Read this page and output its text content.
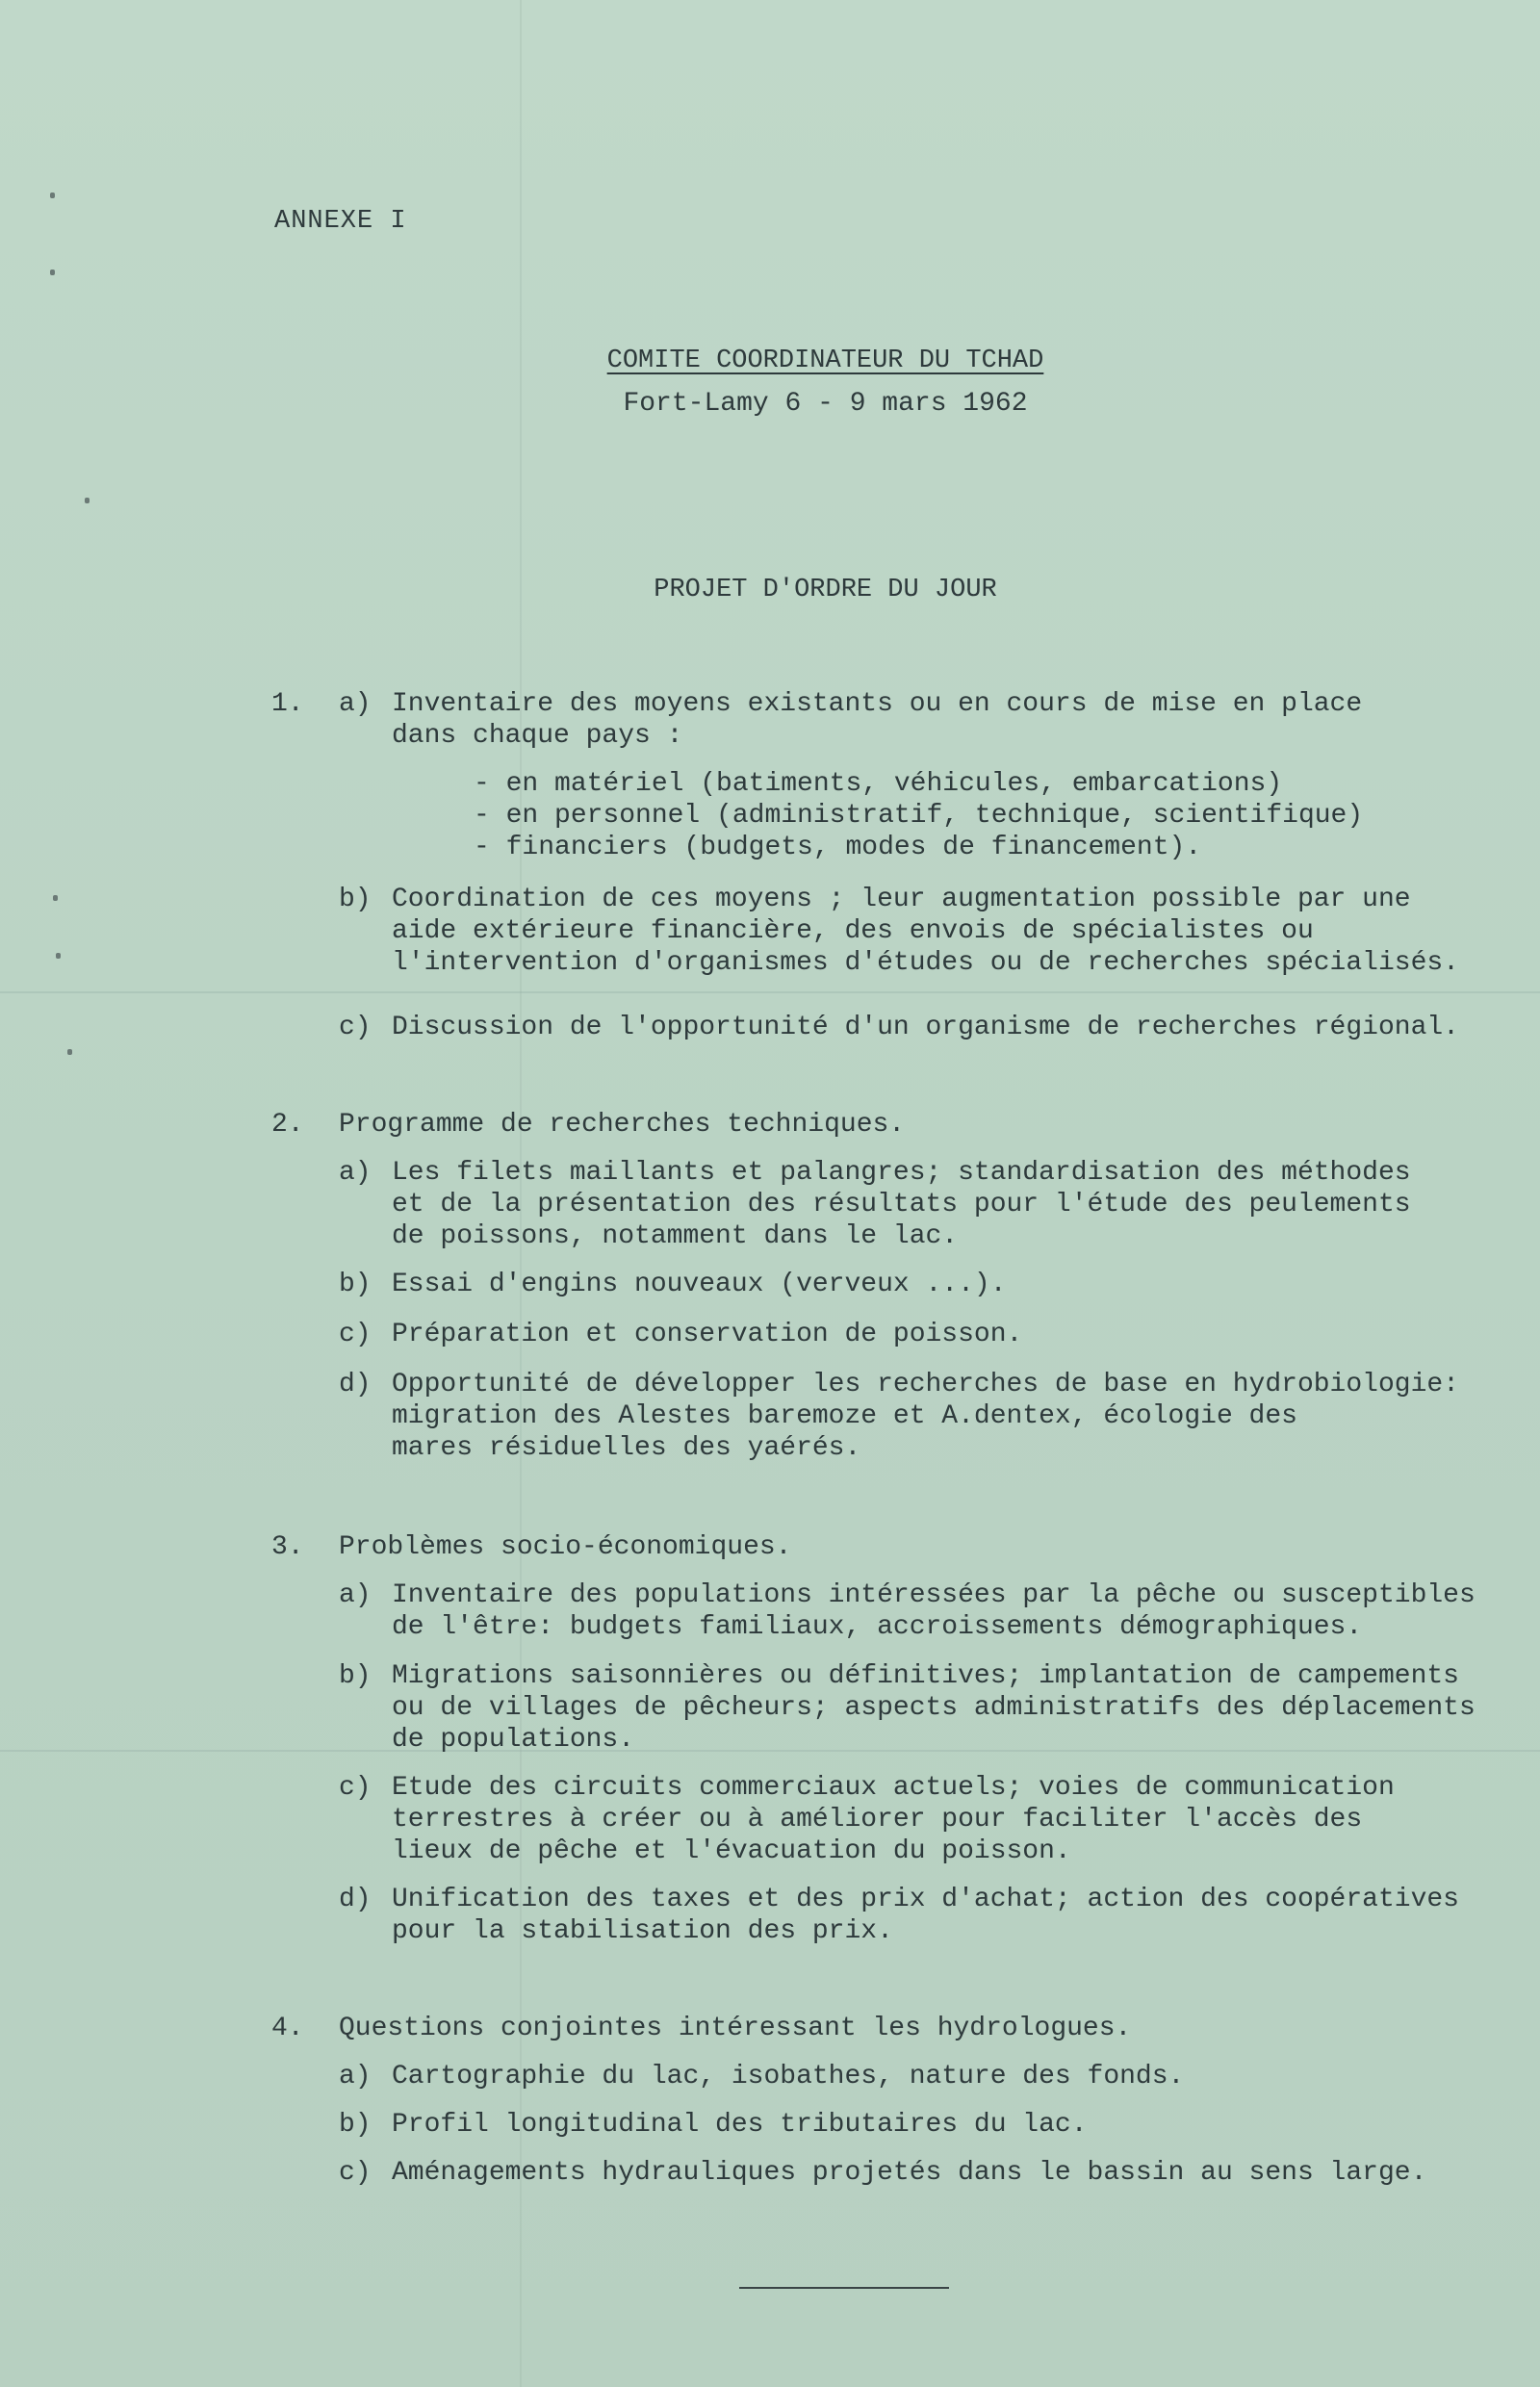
ANNEXE I
COMITE COORDINATEUR DU TCHAD
Fort-Lamy 6 - 9 mars 1962
PROJET D'ORDRE DU JOUR
1.	a) Inventaire des moyens existants ou en cours de mise en place
dans chaque pays :
- en matériel (batiments, véhicules, embarcations)
- en personnel (administratif, technique, scientifique)
- financiers (budgets, modes de financement).
b) Coordination de ces moyens ; leur augmentation possible par une
aide extérieure financière, des envois de spécialistes ou
l'intervention d'organismes d'études ou de recherches spécialisés.
c) Discussion de l'opportunité d'un organisme de recherches régional.
2.	Programme de recherches techniques.
a) Les filets maillants et palangres; standardisation des méthodes
et de la présentation des résultats pour l'étude des peulements
de poissons, notamment dans le lac.
b) Essai d'engins nouveaux (verveux ...).
c) Préparation et conservation de poisson.
d) Opportunité de développer les recherches de base en hydrobiologie:
migration des Alestes baremoze et A.dentex, écologie des
mares résiduelles des yaérés.
3.	Problèmes socio-économiques.
a) Inventaire des populations intéressées par la pêche ou susceptibles
de l'être: budgets familiaux, accroissements démographiques.
b) Migrations saisonnières ou définitives; implantation de campements
ou de villages de pêcheurs; aspects administratifs des déplacements
de populations.
c) Etude des circuits commerciaux actuels; voies de communication
terrestres à créer ou à améliorer pour faciliter l'accès des
lieux de pêche et l'évacuation du poisson.
d) Unification des taxes et des prix d'achat; action des coopératives
pour la stabilisation des prix.
4.	Questions conjointes intéressant les hydrologues.
a) Cartographie du lac, isobathes, nature des fonds.
b) Profil longitudinal des tributaires du lac.
c) Aménagements hydrauliques projetés dans le bassin au sens large.
